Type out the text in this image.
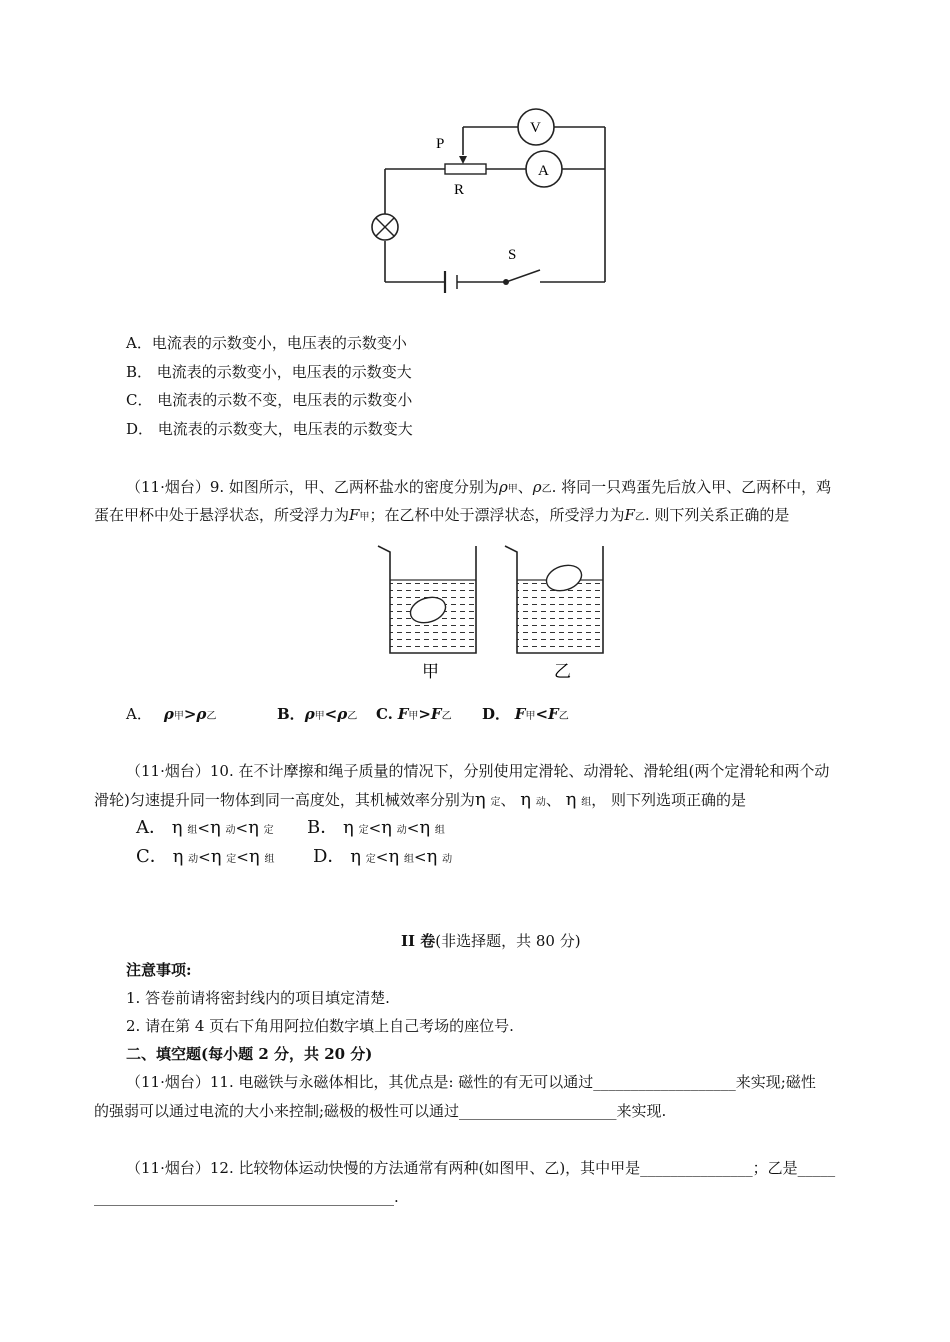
P
R
V
A
S
A．电流表的示数变小，电压表的示数变小
B． 电流表的示数变小，电压表的示数变大
C． 电流表的示数不变，电压表的示数变小
D． 电流表的示数变大，电压表的示数变大
（11·烟台）9. 如图所示，甲、乙两杯盐水的密度分别为ρ甲、ρ乙. 将同一只鸡蛋先后放入甲、乙两杯中，鸡
蛋在甲杯中处于悬浮状态，所受浮力为F甲；在乙杯中处于漂浮状态，所受浮力为F乙. 则下列关系正确的是
甲	乙
A． ρ甲>ρ乙	B．ρ甲<ρ乙 C. F甲>F乙 D． F甲<F乙
（11·烟台）10. 在不计摩擦和绳子质量的情况下，分别使用定滑轮、动滑轮、滑轮组(两个定滑轮和两个动
滑轮)匀速提升同一物体到同一高度处，其机械效率分别为η 定、 η 动、 η 组， 则下列选项正确的是
A． η 组<η 动<η 定 B． η 定<η 动<η 组
C． η 动<η 定<η 组 D． η 定<η 组<η 动
II 卷(非选择题，共 80 分)
注意事项:
1. 答卷前请将密封线内的项目填定清楚.
2. 请在第 4 页右下角用阿拉伯数字填上自己考场的座位号.
二、填空题(每小题 2 分，共 20 分)
（11·烟台）11. 电磁铁与永磁体相比，其优点是: 磁性的有无可以通过___________________来实现;磁性
的强弱可以通过电流的大小来控制;磁极的极性可以通过_____________________来实现.
（11·烟台）12. 比较物体运动快慢的方法通常有两种(如图甲、乙)，其中甲是_______________；乙是_____
________________________________________.
